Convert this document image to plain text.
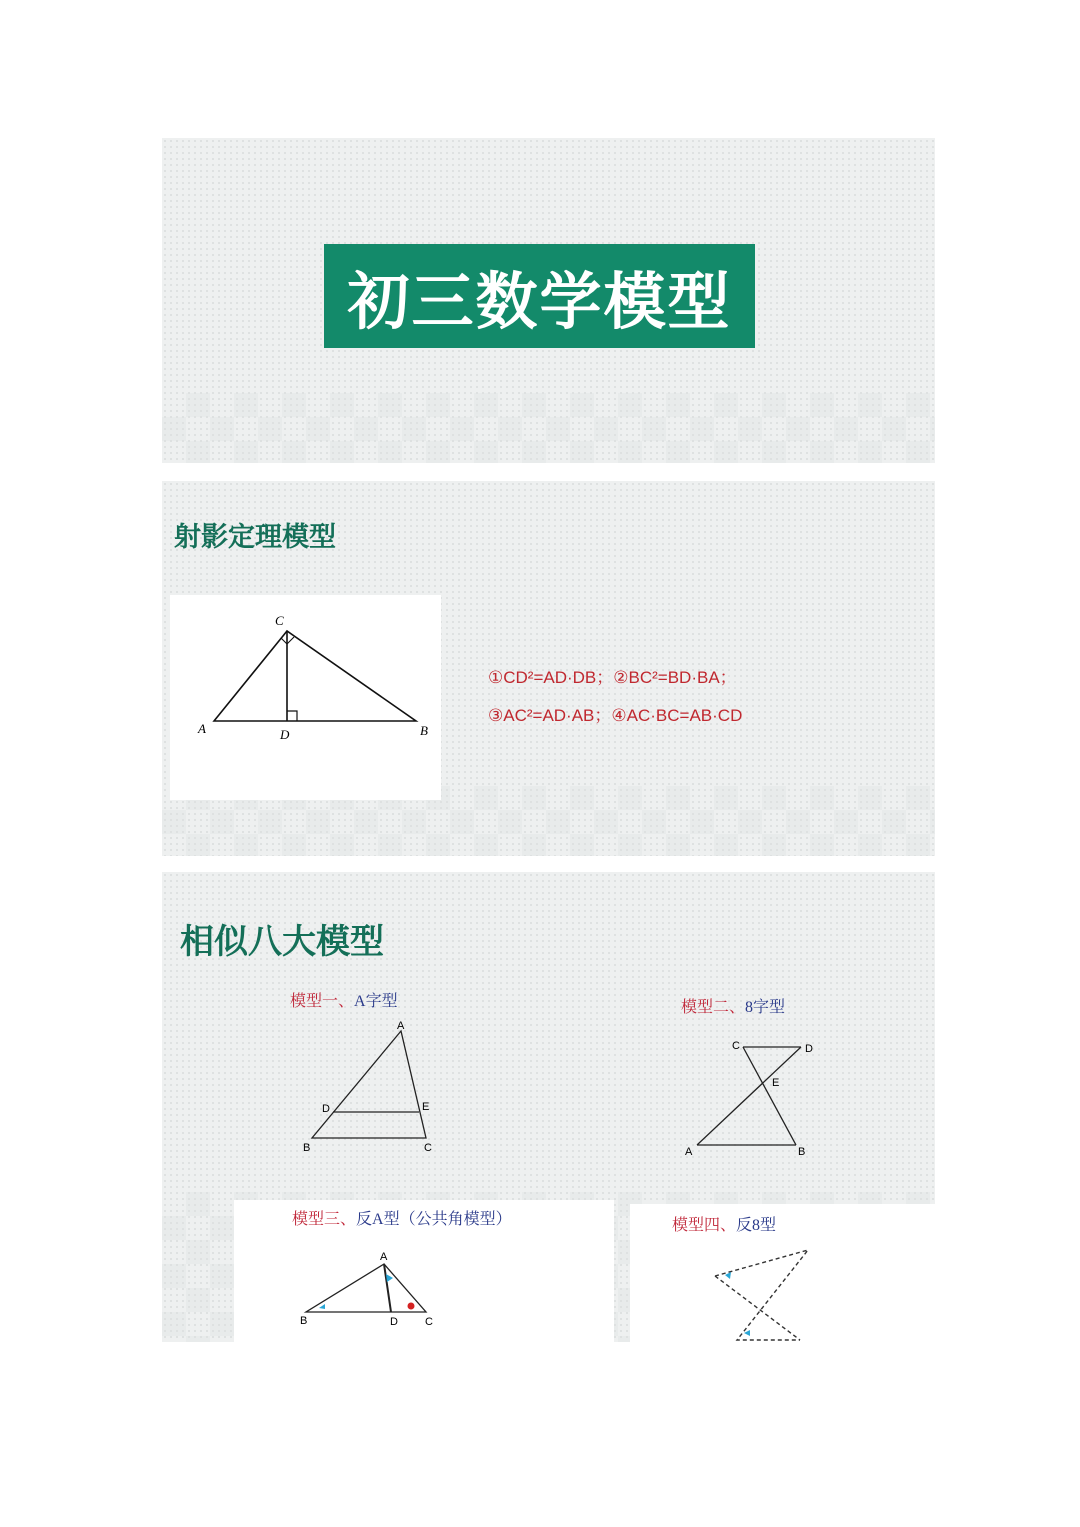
初三数学模型
射影定理模型
C
A	D	B
①CD²=AD·DB；②BC²=BD·BA；
③AC²=AD·AB；④AC·BC=AB·CD
相似八大模型
模型一、A字型
A
D	E
B	C
模型二、8字型
C	D
E
A	B
模型三、反A型（公共角模型）
A
B	D C
模型四、反8型
